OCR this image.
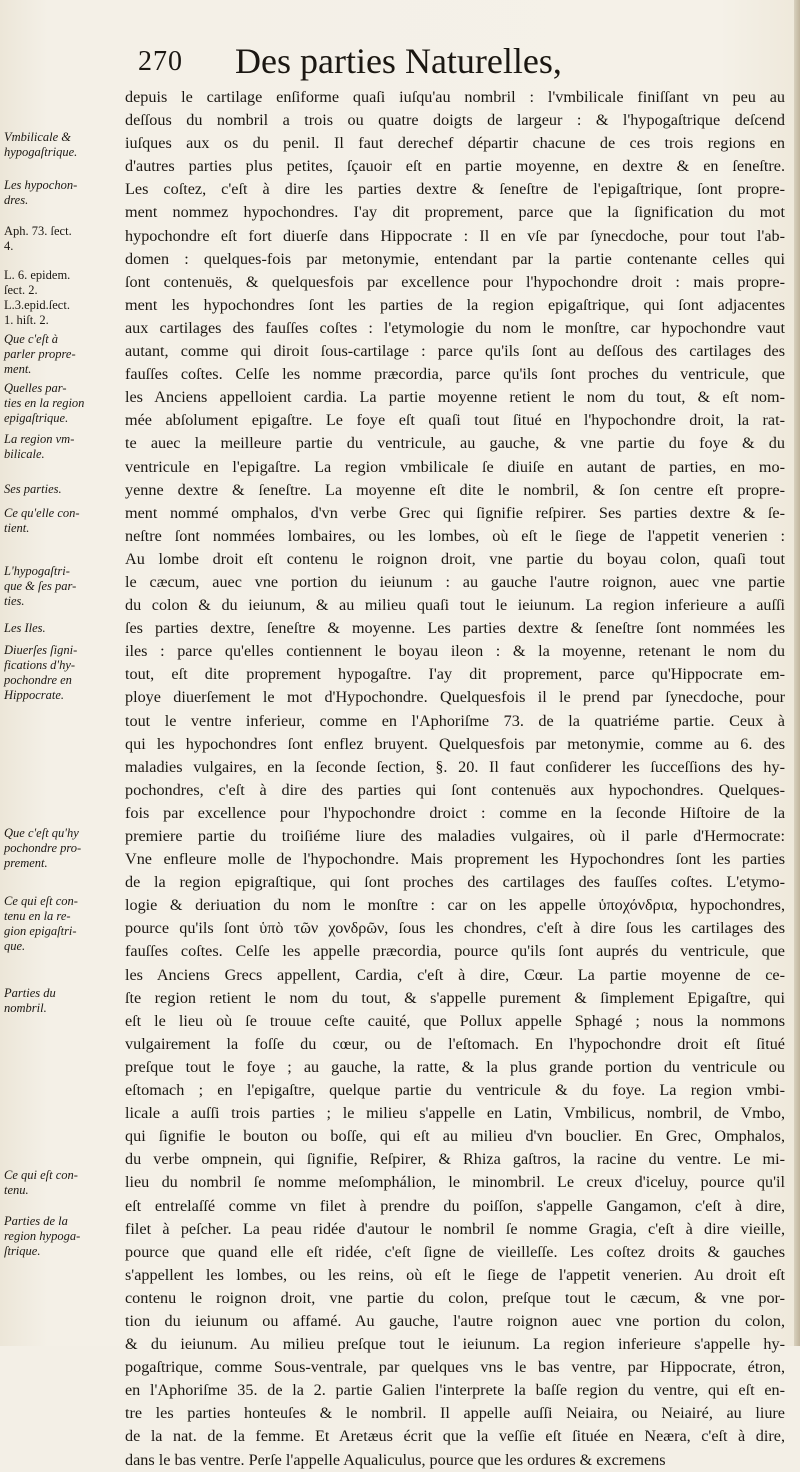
270 Des parties Naturelles,
Vmbilicale &
hypogaſtrique.
Les hypochon-
dres.
Aph. 73. ſect.
4.
L. 6. epidem.
ſect. 2.
L.3.epid.ſect.
1. hiſt. 2.
Que c'eſt à
parler propre-
ment.
Quelles par-
ties en la region
epigaſtrique.
La region vm-
bilicale.
Ses parties.
Ce qu'elle con-
tient.
L'hypogaſtri-
que & ſes par-
ties.
Les Iles.
Diuerſes ſigni-
fications d'hy-
pochondre en
Hippocrate.
Que c'eſt qu'hy
pochondre pro-
prement.
Ce qui eſt con-
tenu en la re-
gion epigaſtri-
que.
Parties du
nombril.
Ce qui eſt con-
tenu.
Parties de la
region hypoga-
ſtrique.
depuis le cartilage enſiforme quaſi iuſqu'au nombril : l'vmbilicale finiſſant vn peu au
deſſous du nombril a trois ou quatre doigts de largeur : & l'hypogaſtrique deſcend
iuſques aux os du penil. Il faut derechef départir chacune de ces trois regions en
d'autres parties plus petites, ſçauoir eſt en partie moyenne, en dextre & en ſeneſtre.
Les coſtez, c'eſt à dire les parties dextre & ſeneſtre de l'epigaſtrique, ſont propre-
ment nommez hypochondres. I'ay dit proprement, parce que la ſignification du mot
hypochondre eſt fort diuerſe dans Hippocrate : Il en vſe par ſynecdoche, pour tout l'ab-
domen : quelques-fois par metonymie, entendant par la partie contenante celles qui
ſont contenuës, & quelquesfois par excellence pour l'hypochondre droit : mais propre-
ment les hypochondres ſont les parties de la region epigaſtrique, qui ſont adjacentes
aux cartilages des fauſſes coſtes : l'etymologie du nom le monſtre, car hypochondre vaut
autant, comme qui diroit ſous-cartilage : parce qu'ils ſont au deſſous des cartilages des
fauſſes coſtes. Celſe les nomme præcordia, parce qu'ils ſont proches du ventricule, que
les Anciens appelloient cardia. La partie moyenne retient le nom du tout, & eſt nom-
mée abſolument epigaſtre. Le foye eſt quaſi tout ſitué en l'hypochondre droit, la rat-
te auec la meilleure partie du ventricule, au gauche, & vne partie du foye & du
ventricule en l'epigaſtre. La region vmbilicale ſe diuiſe en autant de parties, en mo-
yenne dextre & ſeneſtre. La moyenne eſt dite le nombril, & ſon centre eſt propre-
ment nommé omphalos, d'vn verbe Grec qui ſignifie reſpirer. Ses parties dextre & ſe-
neſtre ſont nommées lombaires, ou les lombes, où eſt le ſiege de l'appetit venerien :
Au lombe droit eſt contenu le roignon droit, vne partie du boyau colon, quaſi tout
le cæcum, auec vne portion du ieiunum : au gauche l'autre roignon, auec vne partie
du colon & du ieiunum, & au milieu quaſi tout le ieiunum. La region inferieure a auſſi
ſes parties dextre, ſeneſtre & moyenne. Les parties dextre & ſeneſtre ſont nommées les
iles : parce qu'elles contiennent le boyau ileon : & la moyenne, retenant le nom du
tout, eſt dite proprement hypogaſtre. I'ay dit proprement, parce qu'Hippocrate em-
ploye diuerſement le mot d'Hypochondre. Quelquesfois il le prend par ſynecdoche, pour
tout le ventre inferieur, comme en l'Aphoriſme 73. de la quatriéme partie. Ceux à
qui les hypochondres ſont enflez bruyent. Quelquesfois par metonymie, comme au 6. des
maladies vulgaires, en la ſeconde ſection, §. 20. Il faut conſiderer les ſucceſſions des hy-
pochondres, c'eſt à dire des parties qui ſont contenuës aux hypochondres. Quelques-
fois par excellence pour l'hypochondre droict : comme en la ſeconde Hiſtoire de la
premiere partie du troiſiéme liure des maladies vulgaires, où il parle d'Hermocrate:
Vne enfleure molle de l'hypochondre. Mais proprement les Hypochondres ſont les parties
de la region epigraſtique, qui ſont proches des cartilages des fauſſes coſtes. L'etymo-
logie & deriuation du nom le monſtre : car on les appelle ὑποχόνδρια, hypochondres,
pource qu'ils ſont ὑπὸ τῶν χονδρῶν, ſous les chondres, c'eſt à dire ſous les cartilages des
fauſſes coſtes. Celſe les appelle præcordia, pource qu'ils ſont auprés du ventricule, que
les Anciens Grecs appellent, Cardia, c'eſt à dire, Cœur. La partie moyenne de ce-
ſte region retient le nom du tout, & s'appelle purement & ſimplement Epigaſtre, qui
eſt le lieu où ſe trouue ceſte cauité, que Pollux appelle Sphagé ; nous la nommons
vulgairement la foſſe du cœur, ou de l'eſtomach. En l'hypochondre droit eſt ſitué
preſque tout le foye ; au gauche, la ratte, & la plus grande portion du ventricule ou
eſtomach ; en l'epigaſtre, quelque partie du ventricule & du foye. La region vmbi-
licale a auſſi trois parties ; le milieu s'appelle en Latin, Vmbilicus, nombril, de Vmbo,
qui ſignifie le bouton ou boſſe, qui eſt au milieu d'vn bouclier. En Grec, Omphalos,
du verbe ompnein, qui ſignifie, Reſpirer, & Rhiza gaſtros, la racine du ventre. Le mi-
lieu du nombril ſe nomme meſomphálion, le minombril. Le creux d'iceluy, pource qu'il
eſt entrelaſſé comme vn filet à prendre du poiſſon, s'appelle Gangamon, c'eſt à dire,
filet à peſcher. La peau ridée d'autour le nombril ſe nomme Gragia, c'eſt à dire vieille,
pource que quand elle eſt ridée, c'eſt ſigne de vieilleſſe. Les coſtez droits & gauches
s'appellent les lombes, ou les reins, où eſt le ſiege de l'appetit venerien. Au droit eſt
contenu le roignon droit, vne partie du colon, preſque tout le cæcum, & vne por-
tion du ieiunum ou affamé. Au gauche, l'autre roignon auec vne portion du colon,
& du ieiunum. Au milieu preſque tout le ieiunum. La region inferieure s'appelle hy-
pogaſtrique, comme Sous-ventrale, par quelques vns le bas ventre, par Hippocrate, étron,
en l'Aphoriſme 35. de la 2. partie Galien l'interprete la baſſe region du ventre, qui eſt en-
tre les parties honteuſes & le nombril. Il appelle auſſi Neiaira, ou Neiairé, au liure
de la nat. de la femme. Et Aretæus écrit que la veſſie eſt ſituée en Neæra, c'eſt à dire,
dans le bas ventre. Perſe l'appelle Aqualiculus, pource que les ordures & excremens
